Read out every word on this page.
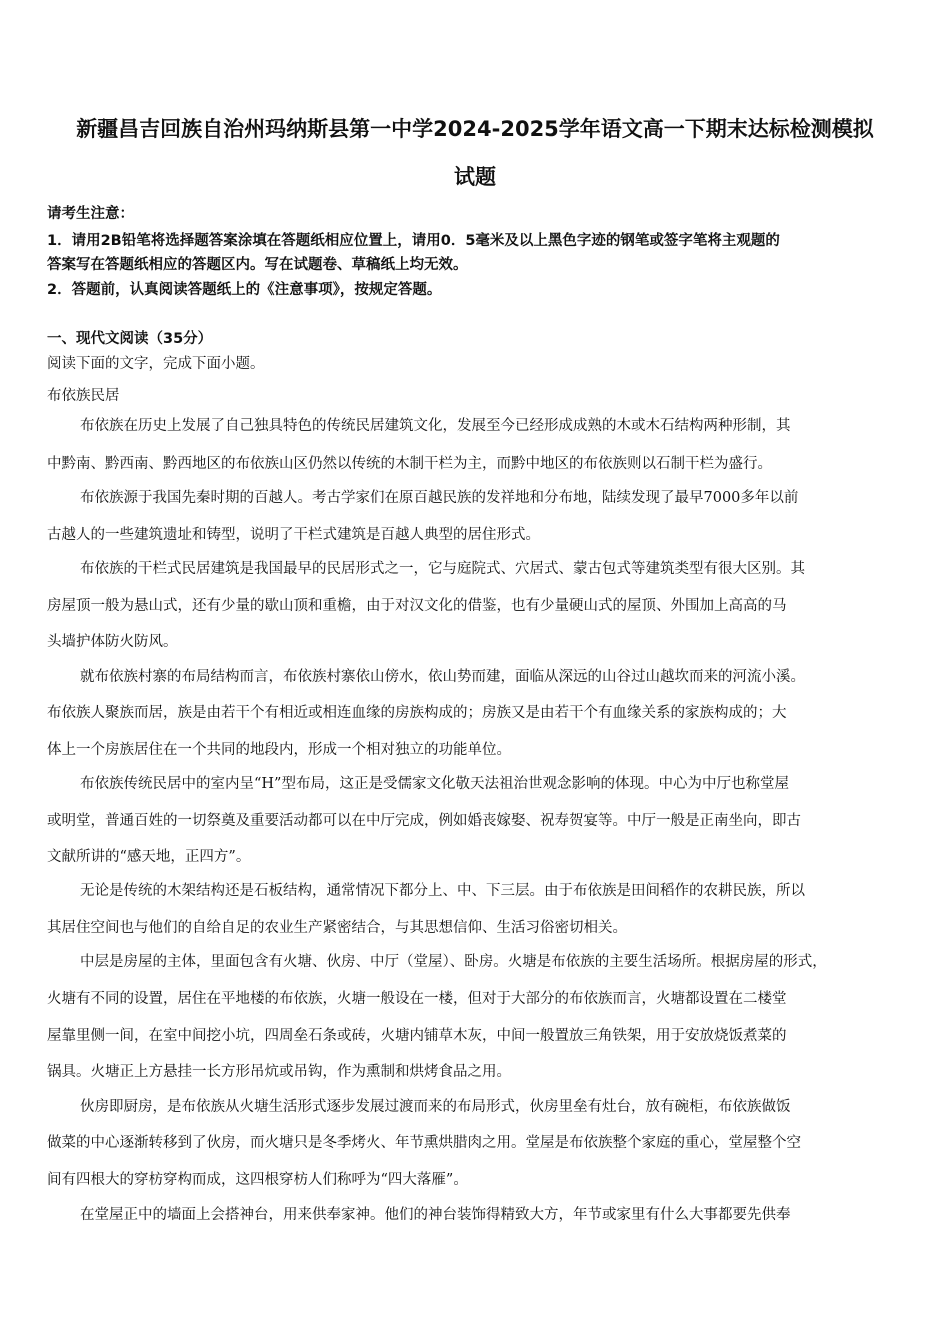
新疆昌吉回族自治州玛纳斯县第一中学2024-2025学年语文高一下期末达标检测模拟
试题
请考生注意：
1．请用2B铅笔将选择题答案涂填在答题纸相应位置上，请用0．5毫米及以上黑色字迹的钢笔或签字笔将主观题的
答案写在答题纸相应的答题区内。写在试题卷、草稿纸上均无效。
2．答题前，认真阅读答题纸上的《注意事项》，按规定答题。
一、现代文阅读（35分）
阅读下面的文字，完成下面小题。
布依族民居
布依族在历史上发展了自己独具特色的传统民居建筑文化，发展至今已经形成成熟的木或木石结构两种形制，其
中黔南、黔西南、黔西地区的布依族山区仍然以传统的木制干栏为主，而黔中地区的布依族则以石制干栏为盛行。
布依族源于我国先秦时期的百越人。考古学家们在原百越民族的发祥地和分布地，陆续发现了最早7000多年以前
古越人的一些建筑遗址和铸型，说明了干栏式建筑是百越人典型的居住形式。
布依族的干栏式民居建筑是我国最早的民居形式之一，它与庭院式、穴居式、蒙古包式等建筑类型有很大区别。其
房屋顶一般为悬山式，还有少量的歇山顶和重檐，由于对汉文化的借鉴，也有少量硬山式的屋顶、外围加上高高的马
头墙护体防火防风。
就布依族村寨的布局结构而言，布依族村寨依山傍水，依山势而建，面临从深远的山谷过山越坎而来的河流小溪。
布依族人聚族而居，族是由若干个有相近或相连血缘的房族构成的；房族又是由若干个有血缘关系的家族构成的；大
体上一个房族居住在一个共同的地段内，形成一个相对独立的功能单位。
布依族传统民居中的室内呈“H”型布局，这正是受儒家文化敬天法祖治世观念影响的体现。中心为中厅也称堂屋
或明堂，普通百姓的一切祭奠及重要活动都可以在中厅完成，例如婚丧嫁娶、祝寿贺宴等。中厅一般是正南坐向，即古
文献所讲的“感天地，正四方”。
无论是传统的木架结构还是石板结构，通常情况下都分上、中、下三层。由于布依族是田间稻作的农耕民族，所以
其居住空间也与他们的自给自足的农业生产紧密结合，与其思想信仰、生活习俗密切相关。
中层是房屋的主体，里面包含有火塘、伙房、中厅（堂屋）、卧房。火塘是布依族的主要生活场所。根据房屋的形式，
火塘有不同的设置，居住在平地楼的布依族，火塘一般设在一楼，但对于大部分的布依族而言，火塘都设置在二楼堂
屋靠里侧一间，在室中间挖小坑，四周垒石条或砖，火塘内铺草木灰，中间一般置放三角铁架，用于安放烧饭煮菜的
锅具。火塘正上方悬挂一长方形吊炕或吊钩，作为熏制和烘烤食品之用。
伙房即厨房，是布依族从火塘生活形式逐步发展过渡而来的布局形式，伙房里垒有灶台，放有碗柜，布依族做饭
做菜的中心逐渐转移到了伙房，而火塘只是冬季烤火、年节熏烘腊肉之用。堂屋是布依族整个家庭的重心，堂屋整个空
间有四根大的穿枋穿构而成，这四根穿枋人们称呼为“四大落雁”。
在堂屋正中的墙面上会搭神台，用来供奉家神。他们的神台装饰得精致大方，年节或家里有什么大事都要先供奉
